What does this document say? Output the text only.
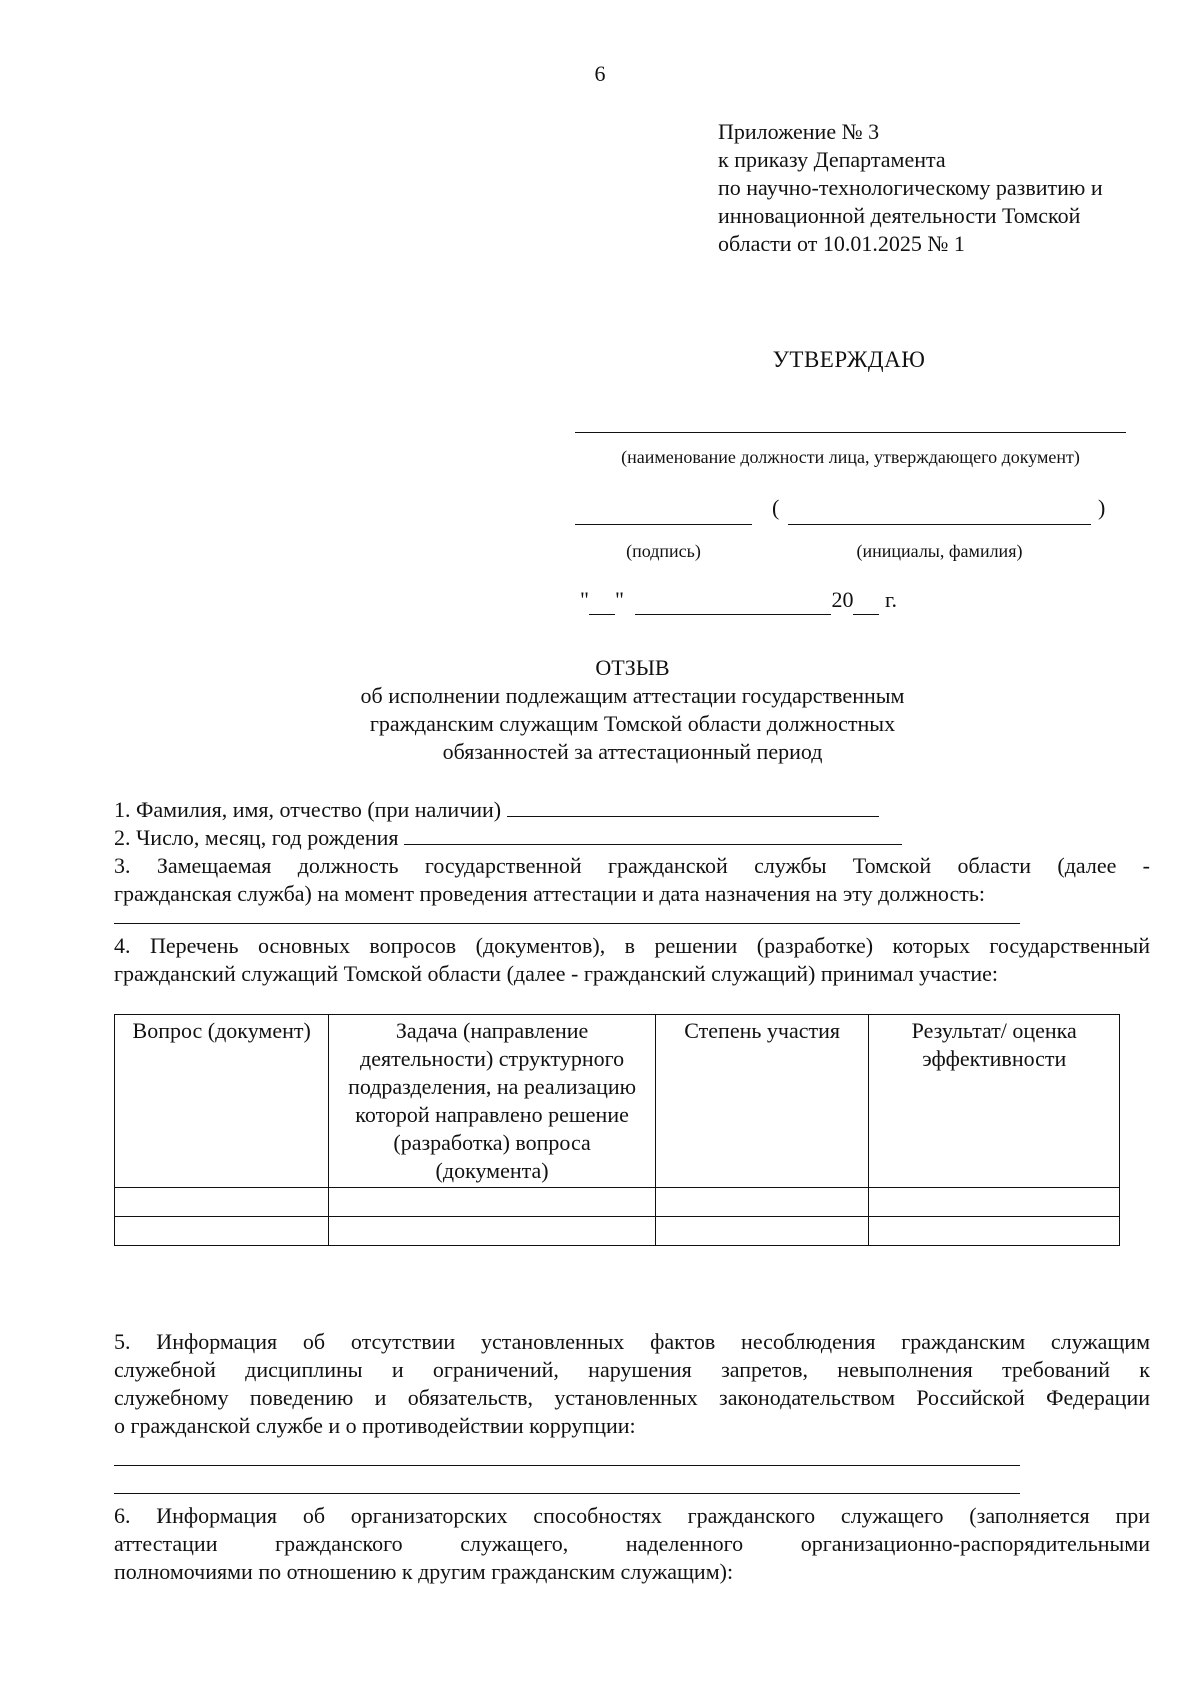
6
Приложение № 3
к приказу Департамента
по научно-технологическому развитию и
инновационной деятельности Томской
области от 10.01.2025 № 1
УТВЕРЖДАЮ
(наименование должности лица, утверждающего документ)
(	)
(подпись)	(инициалы, фамилия)
" "	20 г.
ОТЗЫВ
об исполнении подлежащим аттестации государственным
гражданским служащим Томской области должностных
обязанностей за аттестационный период
1. Фамилия, имя, отчество (при наличии)
2. Число, месяц, год рождения
3. Замещаемая должность государственной гражданской службы Томской области (далее -
гражданская служба) на момент проведения аттестации и дата назначения на эту должность:
4. Перечень основных вопросов (документов), в решении (разработке) которых государственный
гражданский служащий Томской области (далее - гражданский служащий) принимал участие:
Вопрос (документ)	Задача (направление деятельности) структурного подразделения, на реализацию которой направлено решение (разработка) вопроса (документа)	Степень участия	Результат/ оценка эффективности

5. Информация об отсутствии установленных фактов несоблюдения гражданским служащим
служебной дисциплины и ограничений, нарушения запретов, невыполнения требований к
служебному поведению и обязательств, установленных законодательством Российской Федерации
о гражданской службе и о противодействии коррупции:
6. Информация об организаторских способностях гражданского служащего (заполняется при
аттестации гражданского служащего, наделенного организационно-распорядительными
полномочиями по отношению к другим гражданским служащим):
